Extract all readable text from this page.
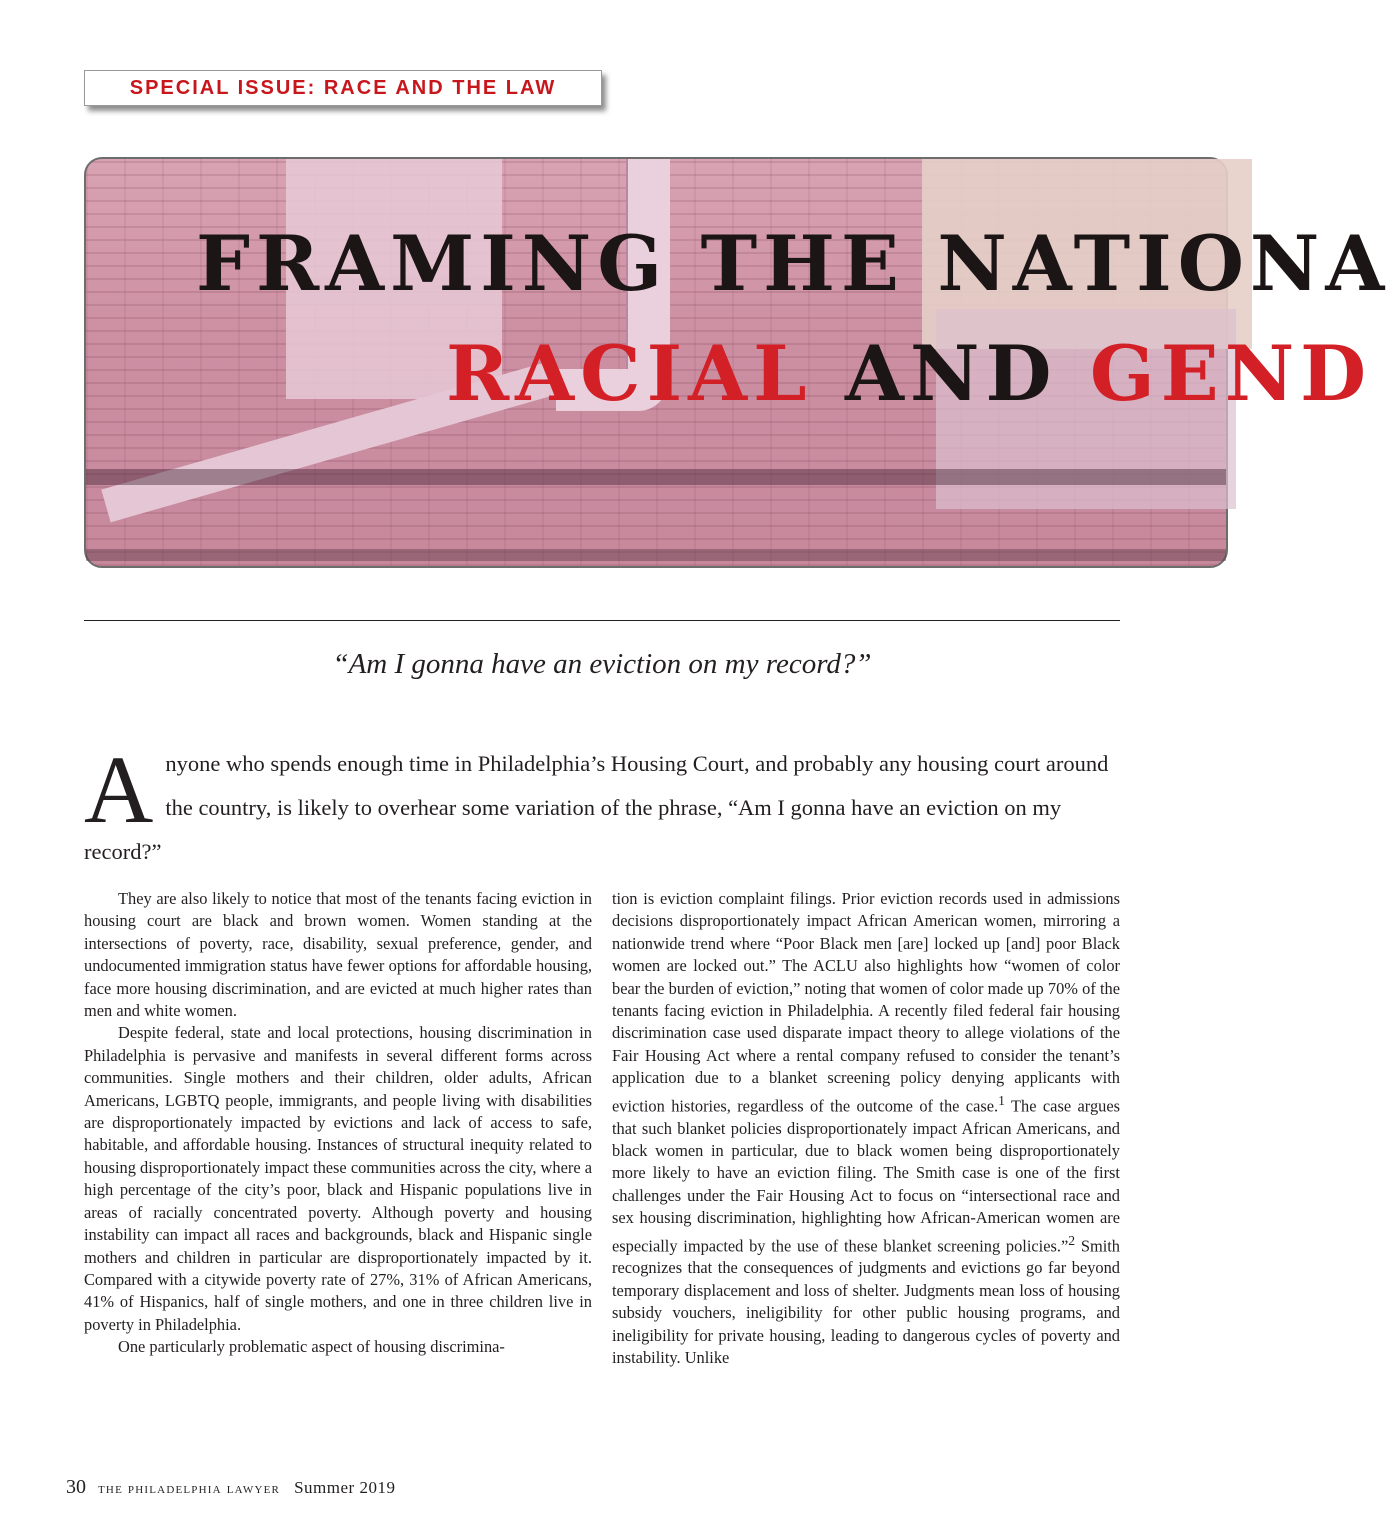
SPECIAL ISSUE: RACE AND THE LAW
FRAMING THE NATIONA
RACIAL AND GEND
“Am I gonna have an eviction on my record?”
A nyone who spends enough time in Philadelphia’s Housing Court, and probably any housing court around the country, is likely to overhear some variation of the phrase, “Am I gonna have an eviction on my record?”

They are also likely to notice that most of the tenants facing eviction in housing court are black and brown women. Women standing at the intersections of poverty, race, disability, sexual preference, gender, and undocumented immigration status have fewer options for affordable housing, face more housing discrimination, and are evicted at much higher rates than men and white women.

Despite federal, state and local protections, housing discrimination in Philadelphia is pervasive and manifests in several different forms across communities. Single mothers and their children, older adults, African Americans, LGBTQ people, immigrants, and people living with disabilities are disproportionately impacted by evictions and lack of access to safe, habitable, and affordable housing. Instances of structural inequity related to housing disproportionately impact these communities across the city, where a high percentage of the city’s poor, black and Hispanic populations live in areas of racially concentrated poverty. Although poverty and housing instability can impact all races and backgrounds, black and Hispanic single mothers and children in particular are disproportionately impacted by it. Compared with a citywide poverty rate of 27%, 31% of African Americans, 41% of Hispanics, half of single mothers, and one in three children live in poverty in Philadelphia.

One particularly problematic aspect of housing discrimina-

tion is eviction complaint filings. Prior eviction records used in admissions decisions disproportionately impact African American women, mirroring a nationwide trend where “Poor Black men [are] locked up [and] poor Black women are locked out.” The ACLU also highlights how “women of color bear the burden of eviction,” noting that women of color made up 70% of the tenants facing eviction in Philadelphia. A recently filed federal fair housing discrimination case used disparate impact theory to allege violations of the Fair Housing Act where a rental company refused to consider the tenant’s application due to a blanket screening policy denying applicants with eviction histories, regardless of the outcome of the case.$^1$ The case argues that such blanket policies disproportionately impact African Americans, and black women in particular, due to black women being disproportionately more likely to have an eviction filing. The Smith case is one of the first challenges under the Fair Housing Act to focus on “intersectional race and sex housing discrimination, highlighting how African-American women are especially impacted by the use of these blanket screening policies.”$^2$ Smith recognizes that the consequences of judgments and evictions go far beyond temporary displacement and loss of shelter. Judgments mean loss of housing subsidy vouchers, ineligibility for other public housing programs, and ineligibility for private housing, leading to dangerous cycles of poverty and instability. Unlike

30 the philadelphia lawyer Summer 2019
